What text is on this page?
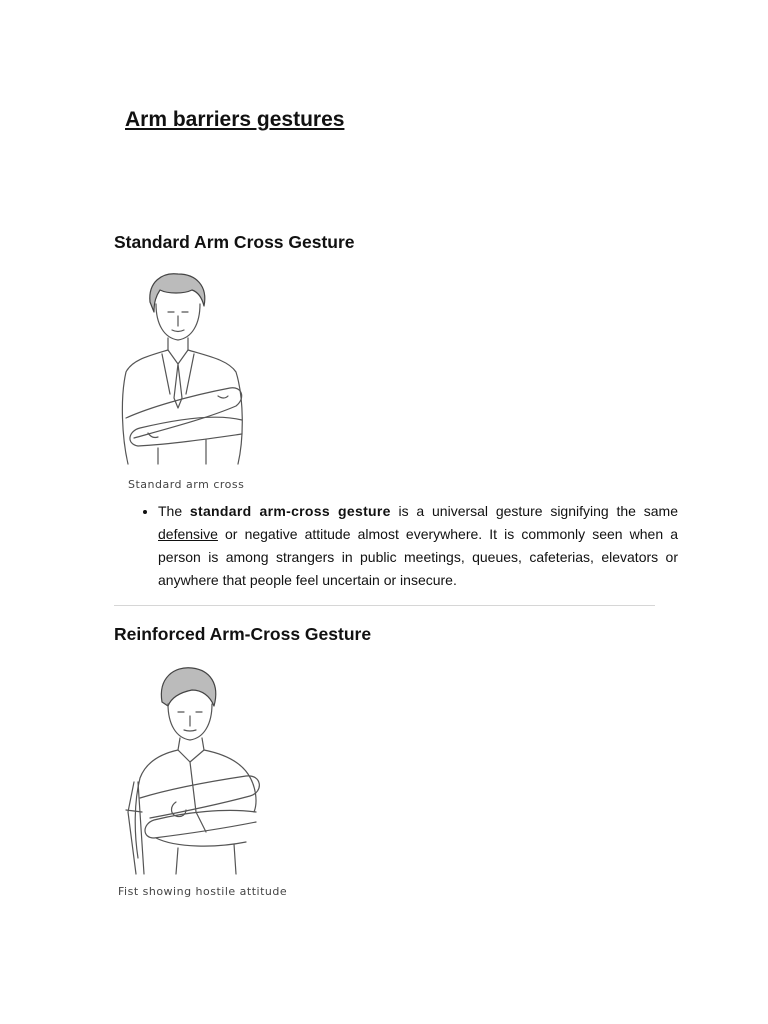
Arm barriers gestures
Standard Arm Cross Gesture
Standard arm cross
• The standard arm-cross gesture is a universal gesture signifying the same defensive or negative attitude almost everywhere. It is commonly seen when a person is among strangers in public meetings, queues, cafeterias, elevators or anywhere that people feel uncertain or insecure.
Reinforced Arm-Cross Gesture
Fist showing hostile attitude
